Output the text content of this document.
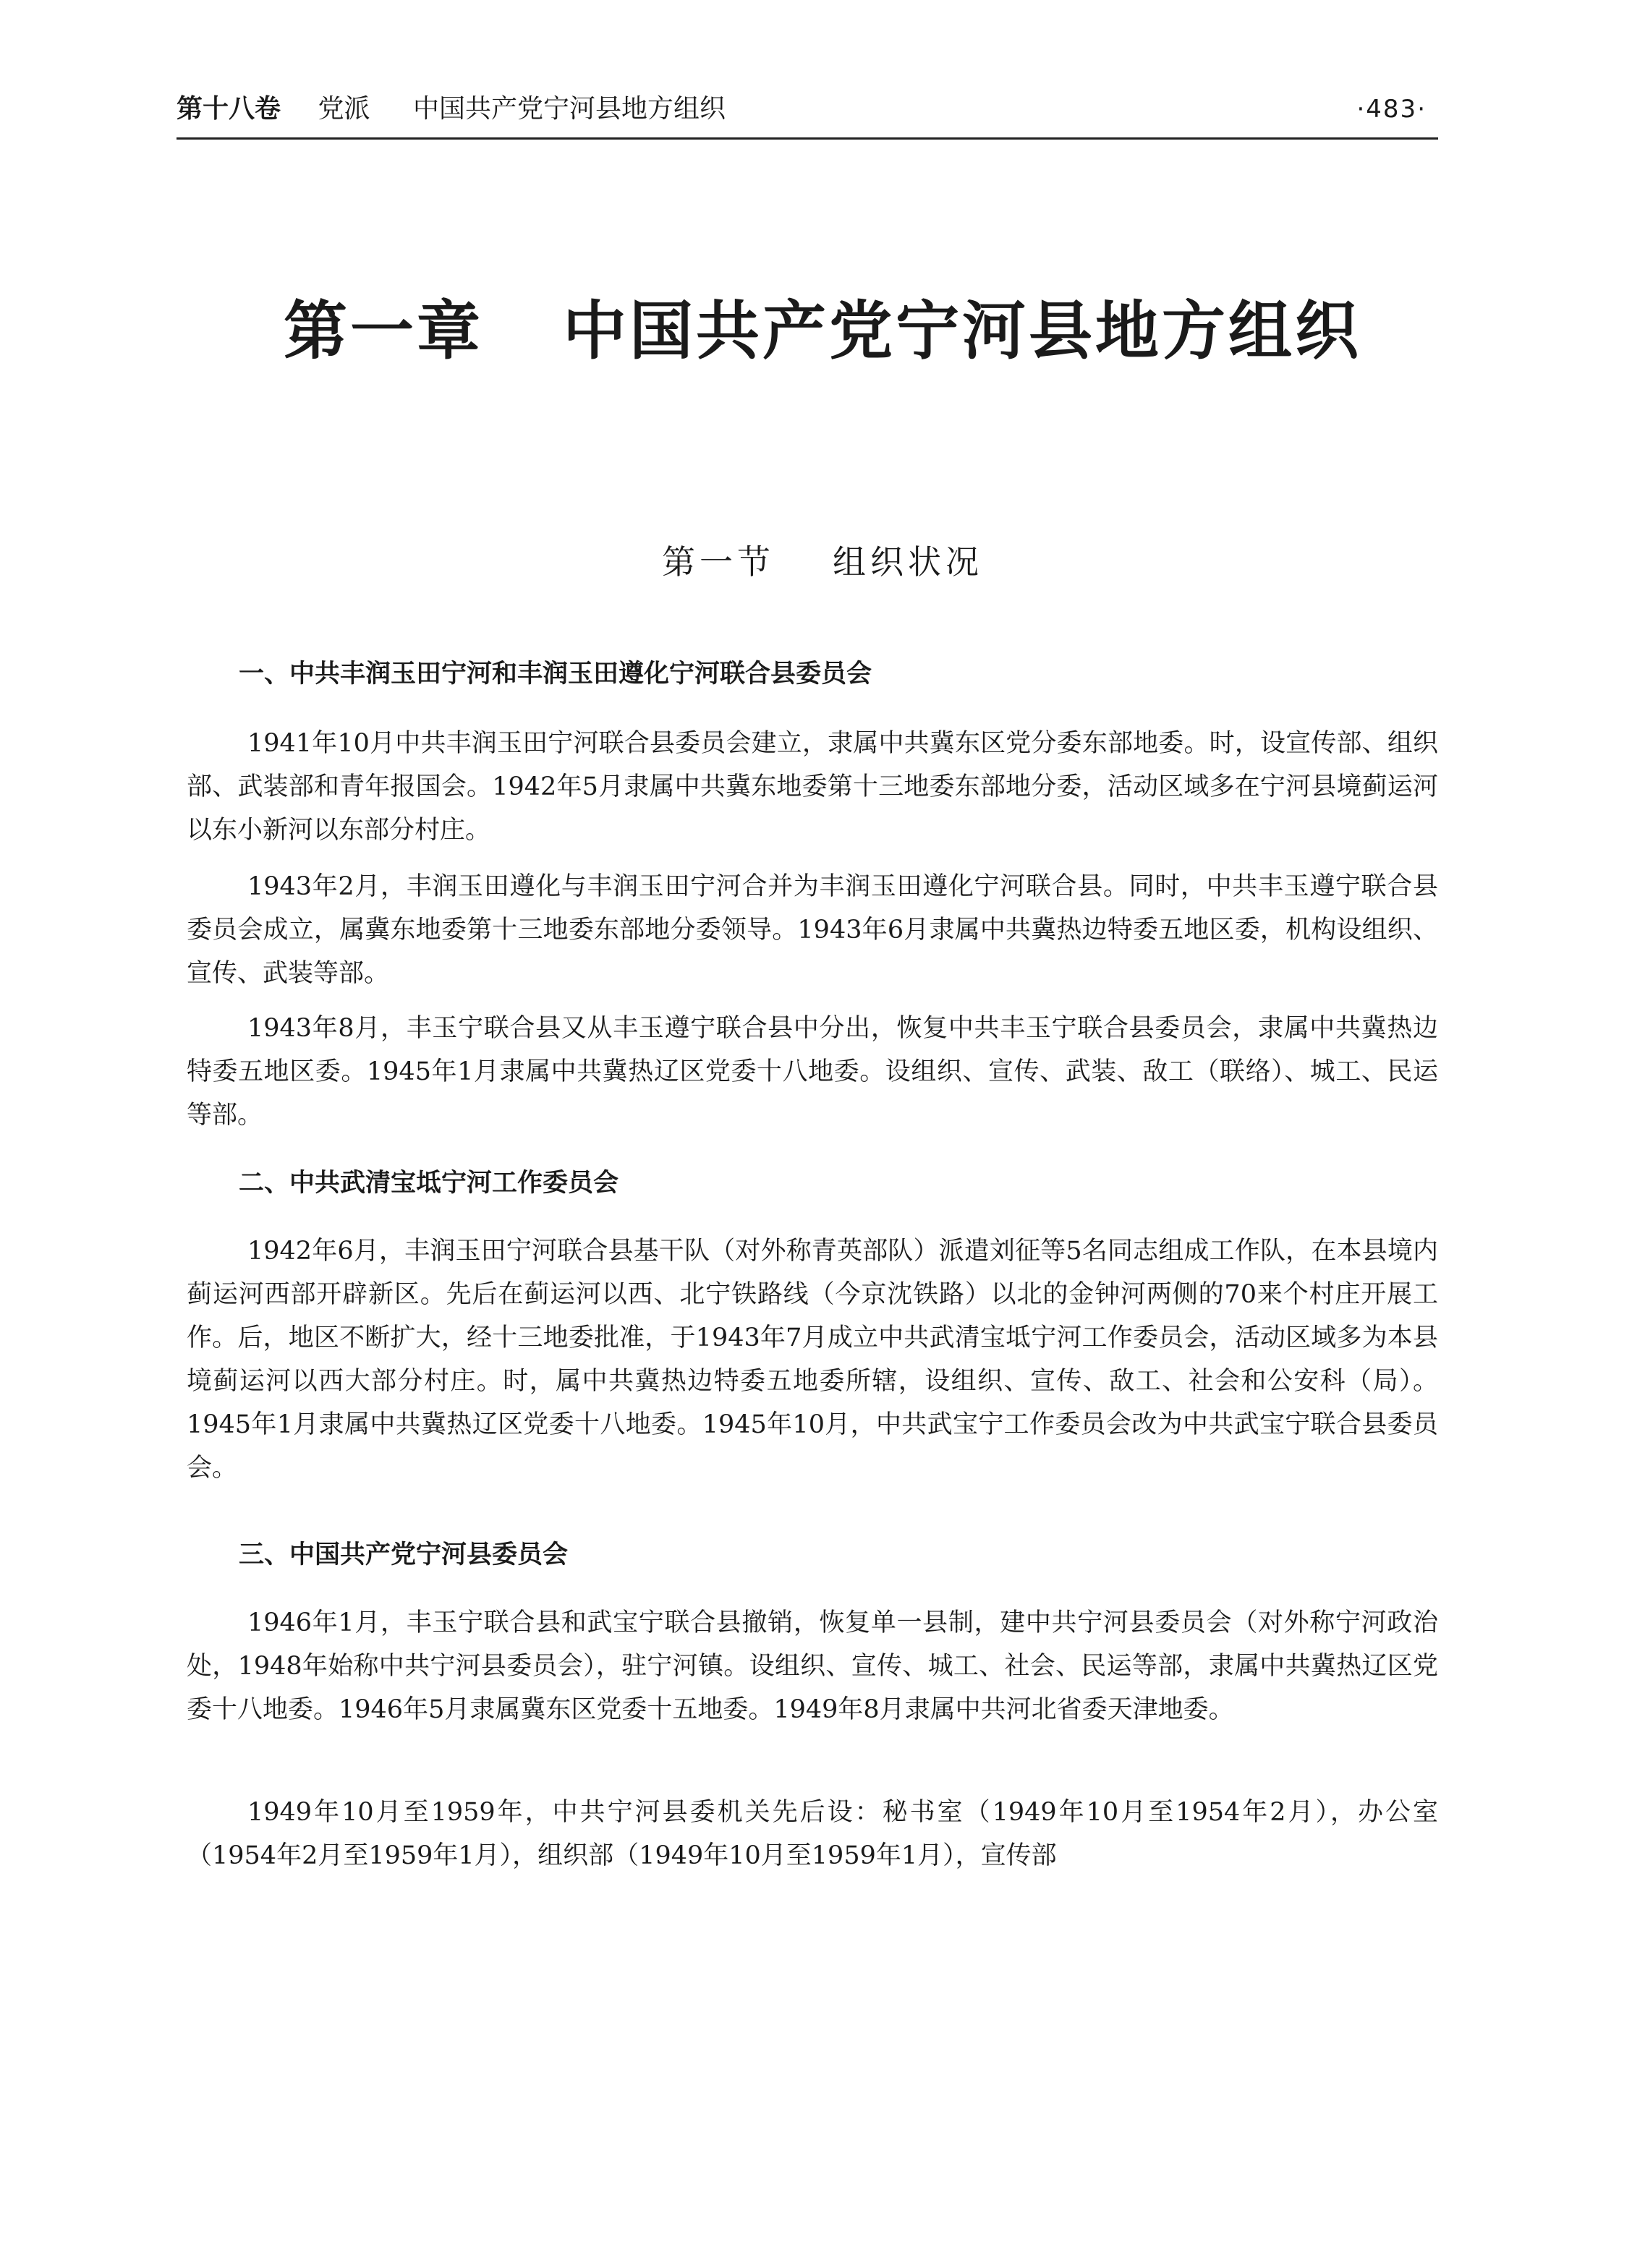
第十八卷 党派 中国共产党宁河县地方组织	·483·
第一章 中国共产党宁河县地方组织
第一节 组织状况
一、中共丰润玉田宁河和丰润玉田遵化宁河联合县委员会

1941年10月中共丰润玉田宁河联合县委员会建立，隶属中共冀东区党分委东部地委。时，设宣传部、组织部、武装部和青年报国会。1942年5月隶属中共冀东地委第十三地委东部地分委，活动区域多在宁河县境蓟运河以东小新河以东部分村庄。

1943年2月，丰润玉田遵化与丰润玉田宁河合并为丰润玉田遵化宁河联合县。同时，中共丰玉遵宁联合县委员会成立，属冀东地委第十三地委东部地分委领导。1943年6月隶属中共冀热边特委五地区委，机构设组织、宣传、武装等部。

1943年8月，丰玉宁联合县又从丰玉遵宁联合县中分出，恢复中共丰玉宁联合县委员会，隶属中共冀热边特委五地区委。1945年1月隶属中共冀热辽区党委十八地委。设组织、宣传、武装、敌工（联络）、城工、民运等部。

二、中共武清宝坻宁河工作委员会

1942年6月，丰润玉田宁河联合县基干队（对外称青英部队）派遣刘征等5名同志组成工作队，在本县境内蓟运河西部开辟新区。先后在蓟运河以西、北宁铁路线（今京沈铁路）以北的金钟河两侧的70来个村庄开展工作。后，地区不断扩大，经十三地委批准，于1943年7月成立中共武清宝坻宁河工作委员会，活动区域多为本县境蓟运河以西大部分村庄。时，属中共冀热边特委五地委所辖，设组织、宣传、敌工、社会和公安科（局）。1945年1月隶属中共冀热辽区党委十八地委。1945年10月，中共武宝宁工作委员会改为中共武宝宁联合县委员会。

三、中国共产党宁河县委员会

1946年1月，丰玉宁联合县和武宝宁联合县撤销，恢复单一县制，建中共宁河县委员会（对外称宁河政治处，1948年始称中共宁河县委员会），驻宁河镇。设组织、宣传、城工、社会、民运等部，隶属中共冀热辽区党委十八地委。1946年5月隶属冀东区党委十五地委。1949年8月隶属中共河北省委天津地委。

1949年10月至1959年，中共宁河县委机关先后设：秘书室（1949年10月至1954年2月），办公室（1954年2月至1959年1月），组织部（1949年10月至1959年1月），宣传部
